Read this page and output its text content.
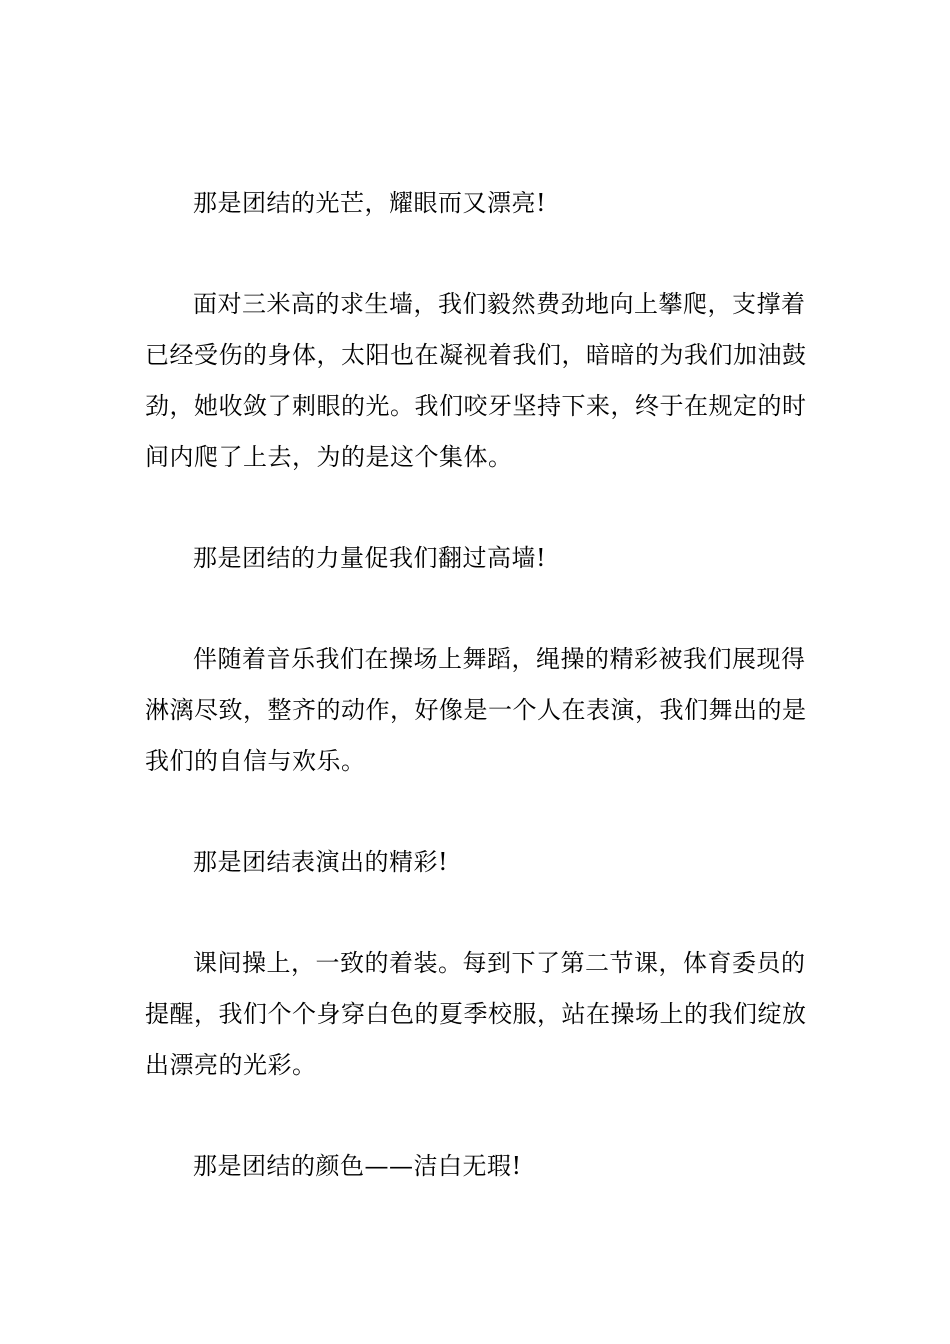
那是团结的光芒，耀眼而又漂亮!

面对三米高的求生墙，我们毅然费劲地向上攀爬，支撑着已经受伤的身体，太阳也在凝视着我们，暗暗的为我们加油鼓劲，她收敛了刺眼的光。我们咬牙坚持下来，终于在规定的时间内爬了上去，为的是这个集体。

那是团结的力量促我们翻过高墙!

伴随着音乐我们在操场上舞蹈，绳操的精彩被我们展现得淋漓尽致，整齐的动作，好像是一个人在表演，我们舞出的是我们的自信与欢乐。

那是团结表演出的精彩!

课间操上，一致的着装。每到下了第二节课，体育委员的提醒，我们个个身穿白色的夏季校服，站在操场上的我们绽放出漂亮的光彩。

那是团结的颜色——洁白无瑕!
